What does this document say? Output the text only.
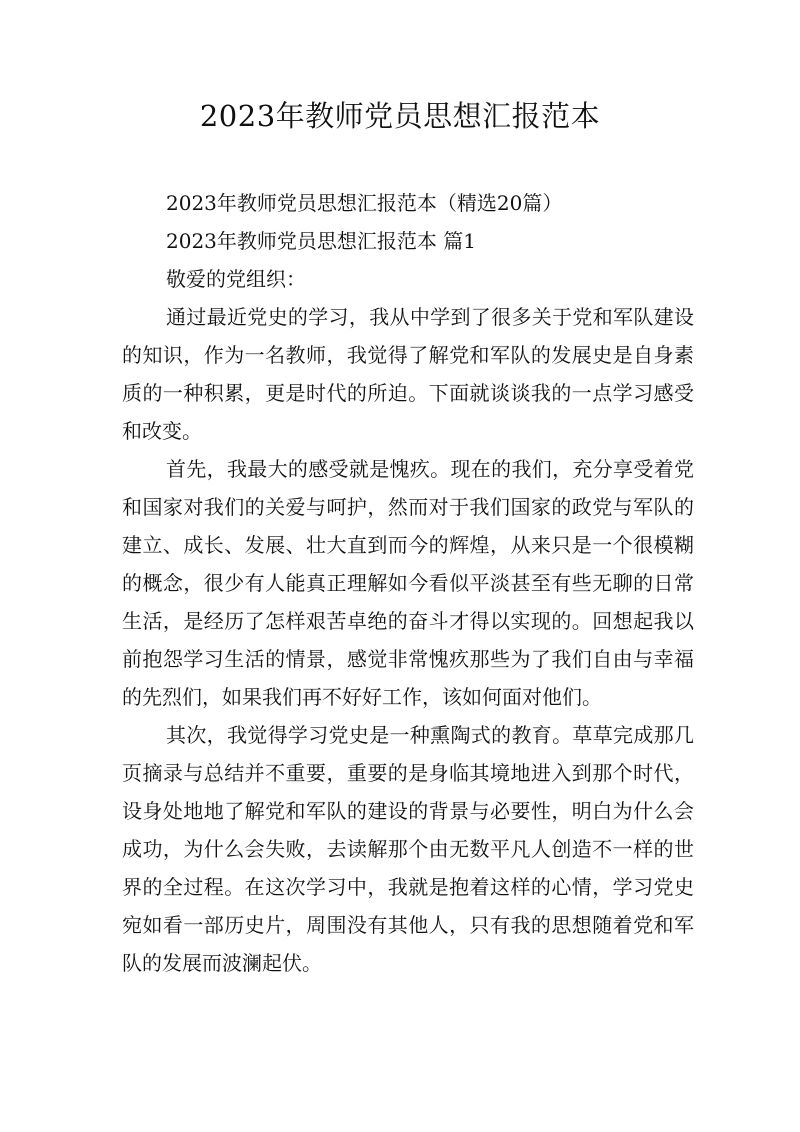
2023年教师党员思想汇报范本

2023年教师党员思想汇报范本（精选20篇）

2023年教师党员思想汇报范本 篇1

敬爱的党组织：

通过最近党史的学习，我从中学到了很多关于党和军队建设的知识，作为一名教师，我觉得了解党和军队的发展史是自身素质的一种积累，更是时代的所迫。下面就谈谈我的一点学习感受和改变。

首先，我最大的感受就是愧疚。现在的我们，充分享受着党和国家对我们的关爱与呵护，然而对于我们国家的政党与军队的建立、成长、发展、壮大直到而今的辉煌，从来只是一个很模糊的概念，很少有人能真正理解如今看似平淡甚至有些无聊的日常生活，是经历了怎样艰苦卓绝的奋斗才得以实现的。回想起我以前抱怨学习生活的情景，感觉非常愧疚那些为了我们自由与幸福的先烈们，如果我们再不好好工作，该如何面对他们。

其次，我觉得学习党史是一种熏陶式的教育。草草完成那几页摘录与总结并不重要，重要的是身临其境地进入到那个时代，设身处地地了解党和军队的建设的背景与必要性，明白为什么会成功，为什么会失败，去读解那个由无数平凡人创造不一样的世界的全过程。在这次学习中，我就是抱着这样的心情，学习党史宛如看一部历史片，周围没有其他人，只有我的思想随着党和军队的发展而波澜起伏。
